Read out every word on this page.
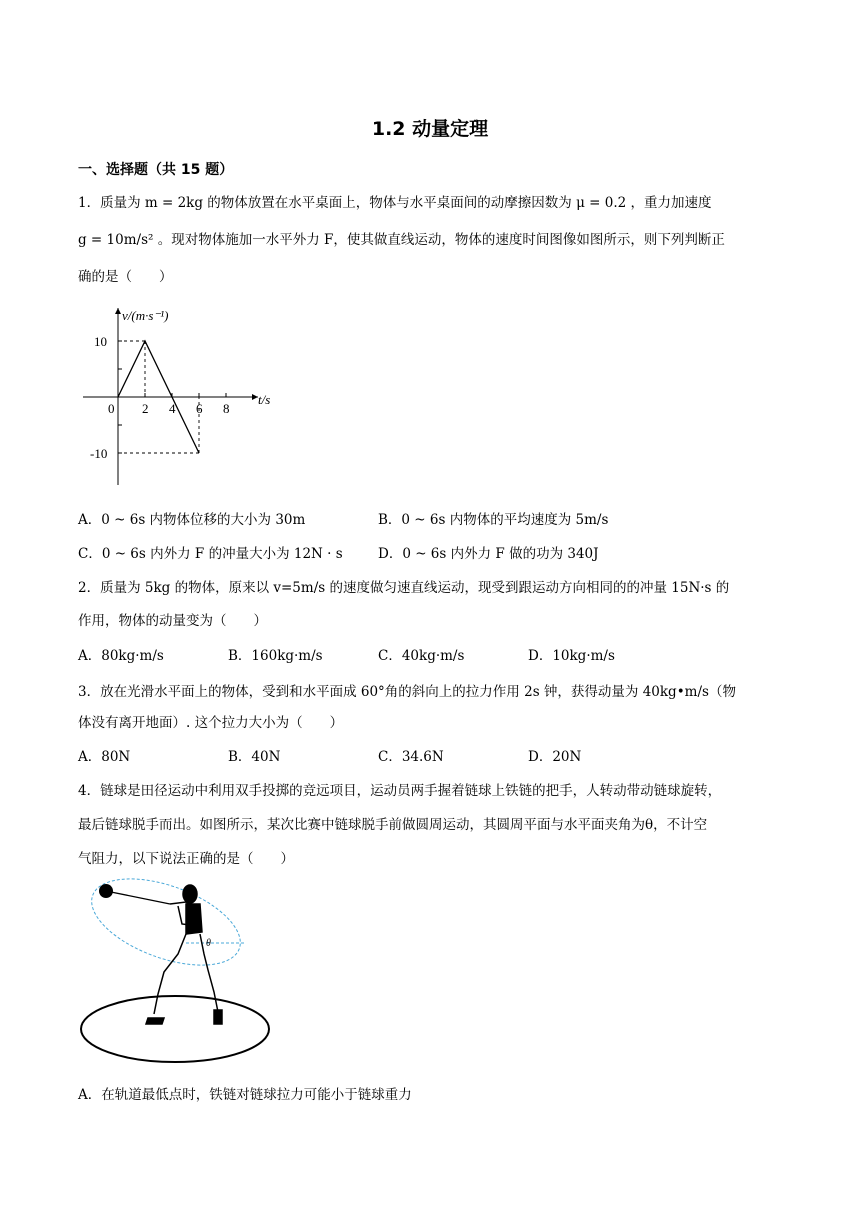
1.2 动量定理
一、选择题（共 15 题）
1．质量为 m = 2kg 的物体放置在水平桌面上，物体与水平桌面间的动摩擦因数为 μ = 0.2 ，重力加速度
g = 10m/s² 。现对物体施加一水平外力 F，使其做直线运动，物体的速度时间图像如图所示，则下列判断正
确的是（　　）
0 2 4 6 8
10
-10
v/(m·s⁻¹)
t/s
A．0 ~ 6s 内物体位移的大小为 30m	B．0 ~ 6s 内物体的平均速度为 5m/s
C．0 ~ 6s 内外力 F 的冲量大小为 12N · s	D．0 ~ 6s 内外力 F 做的功为 340J
2．质量为 5kg 的物体，原来以 v=5m/s 的速度做匀速直线运动，现受到跟运动方向相同的的冲量 15N·s 的
作用，物体的动量变为（　　）
A．80kg·m/s	B．160kg·m/s	C．40kg·m/s	D．10kg·m/s
3．放在光滑水平面上的物体，受到和水平面成 60°角的斜向上的拉力作用 2s 钟，获得动量为 40kg•m/s（物
体没有离开地面）. 这个拉力大小为（　　）
A．80N	B．40N	C．34.6N	D．20N
4．链球是田径运动中利用双手投掷的竞远项目，运动员两手握着链球上铁链的把手，人转动带动链球旋转，
最后链球脱手而出。如图所示，某次比赛中链球脱手前做圆周运动，其圆周平面与水平面夹角为θ，不计空
气阻力，以下说法正确的是（　　）
θ
A．在轨道最低点时，铁链对链球拉力可能小于链球重力
